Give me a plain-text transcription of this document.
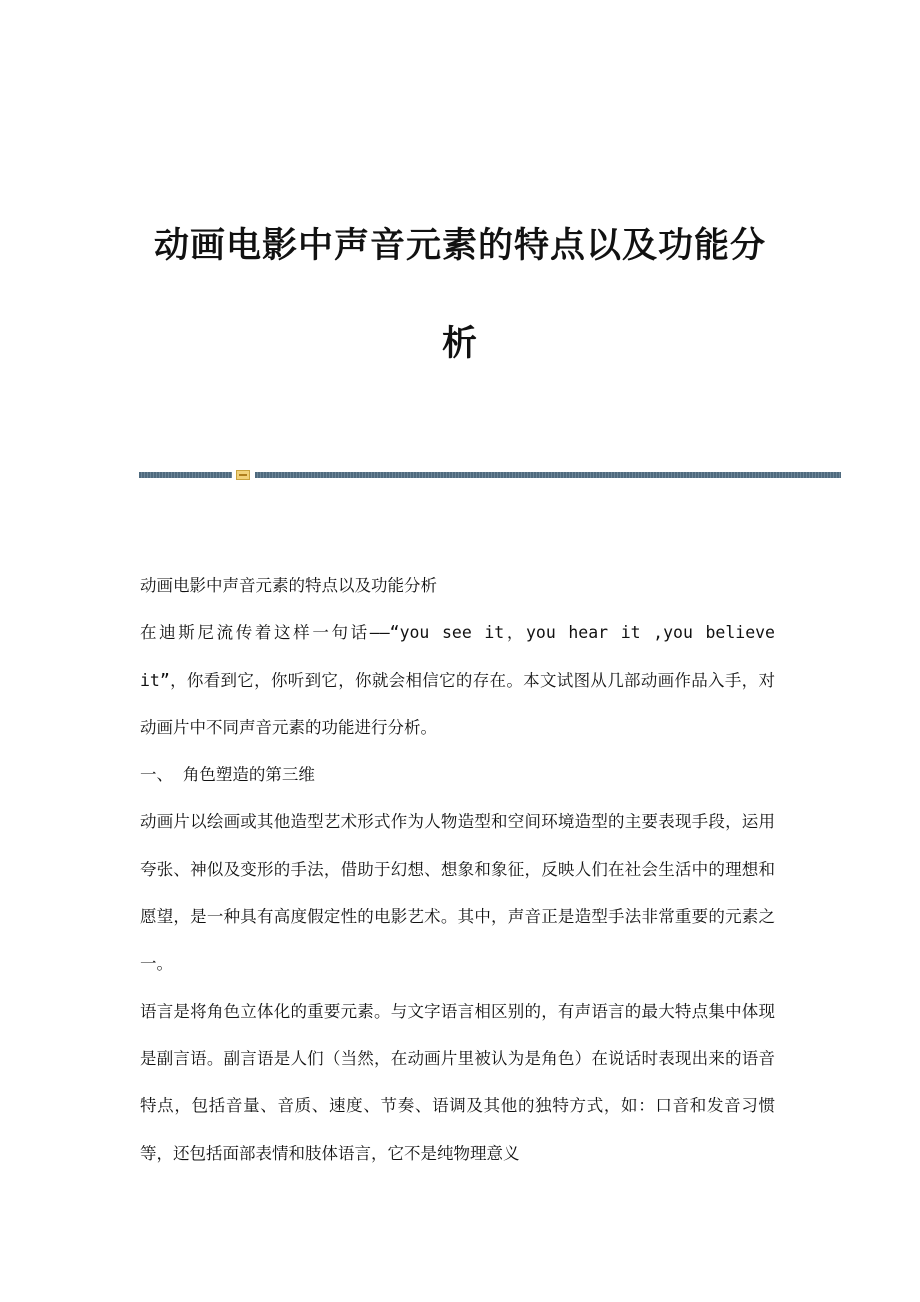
动画电影中声音元素的特点以及功能分
析

动画电影中声音元素的特点以及功能分析

在迪斯尼流传着这样一句话——“you see it，you hear it ,you believe it”，你看到它，你听到它，你就会相信它的存在。本文试图从几部动画作品入手，对动画片中不同声音元素的功能进行分析。

一、 角色塑造的第三维

动画片以绘画或其他造型艺术形式作为人物造型和空间环境造型的主要表现手段，运用夸张、神似及变形的手法，借助于幻想、想象和象征，反映人们在社会生活中的理想和愿望，是一种具有高度假定性的电影艺术。其中，声音正是造型手法非常重要的元素之一。

语言是将角色立体化的重要元素。与文字语言相区别的，有声语言的最大特点集中体现是副言语。副言语是人们（当然，在动画片里被认为是角色）在说话时表现出来的语音特点，包括音量、音质、速度、节奏、语调及其他的独特方式，如：口音和发音习惯等，还包括面部表情和肢体语言，它不是纯物理意义
